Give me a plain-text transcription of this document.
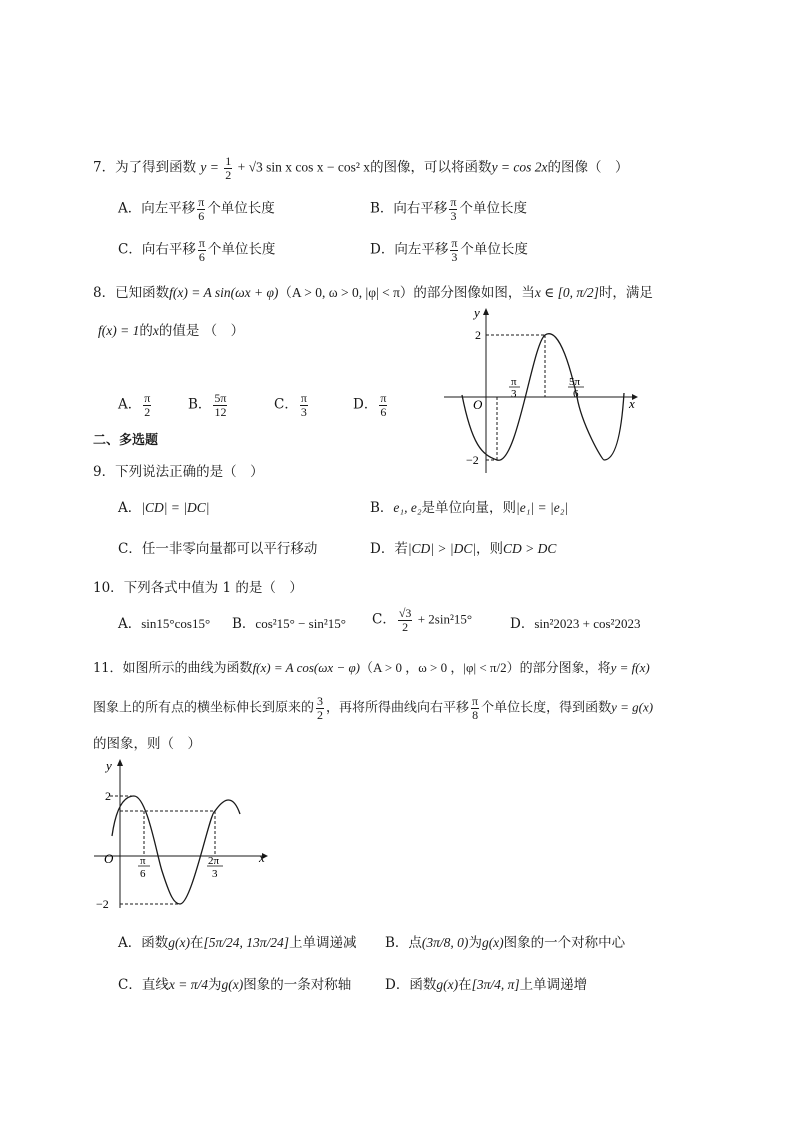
7．为了得到函数 $y = \frac{1}{2} + √3$ sin x cos x − cos² x的图像，可以将函数y = cos 2x的图像（　）
A．向左平移 $\frac{\pi}{6}$ 个单位长度	B．向右平移 $\frac{\pi}{3}$ 个单位长度
C．向右平移 $\frac{\pi}{6}$ 个单位长度	D．向左平移 $\frac{\pi}{3}$ 个单位长度
8．已知函数f(x) = A sin(ωx + φ)（A > 0, ω > 0, |φ| < π）的部分图像如图，当x ∈ [0, π/2]时，满足
f(x) = 1的x的值是 （　）
A． $\frac{\pi}{2}$	B． $\frac{5\pi}{12}$	C． $\frac{\pi}{3}$	D． $\frac{\pi}{6}$
y
x
O
2
−2
π
3
5π
6
二、多选题
9．下列说法正确的是（　）
A．|CD| = |DC|	B．e₁, e₂是单位向量，则|e₁| = |e₂|
C．任一非零向量都可以平行移动	D．若|CD| > |DC|，则CD > DC
10．下列各式中值为 1 的是（　）
A．sin15°cos15° B．cos²15° − sin²15° C． $\frac{√3}{2} + 2\sin^215^\circ$	D．sin²2023 + cos²2023
11．如图所示的曲线为函数f(x) = A cos(ωx − φ)（A > 0 ，ω > 0 ，|φ| < π/2）的部分图象，将y = f(x)
图象上的所有点的横坐标伸长到原来的 $\frac{3}{2}$ ，再将所得曲线向右平移 $\frac{\pi}{8}$ 个单位长度，得到函数y = g(x)
的图象，则（　）
y
x
O
2
−2
π
6
2π
3
A．函数g(x)在[5π/24, 13π/24]上单调递减 B．点(3π/8, 0)为g(x)图象的一个对称中心
C．直线x = π/4为g(x)图象的一条对称轴	D．函数g(x)在[3π/4, π]上单调递增
